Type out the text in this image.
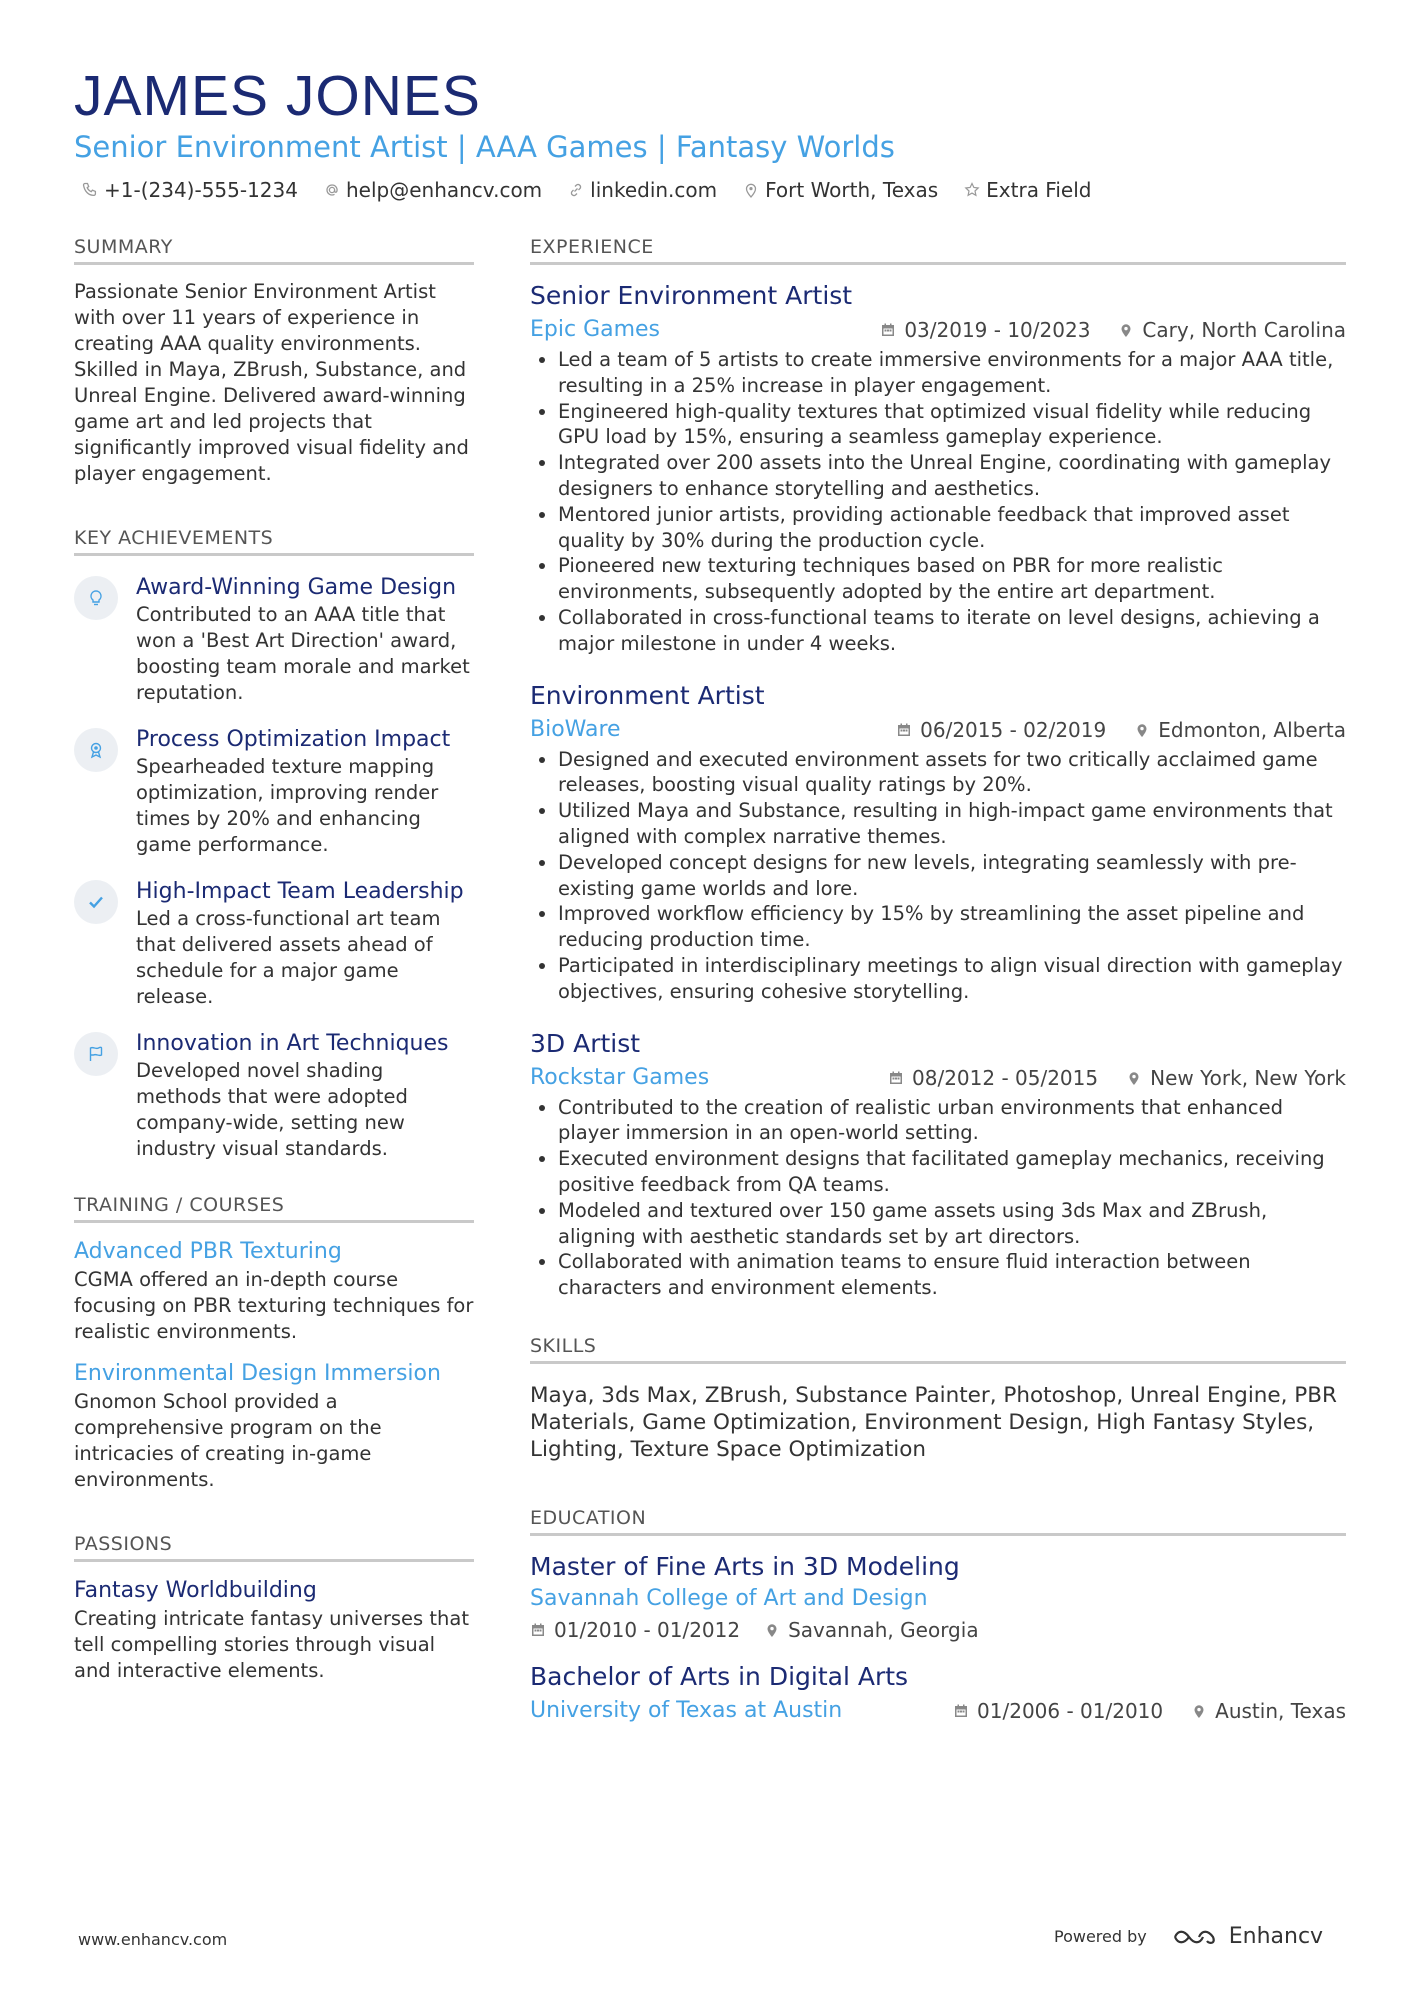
JAMES JONES
Senior Environment Artist | AAA Games | Fantasy Worlds
+1-(234)-555-1234 help@enhancv.com linkedin.com Fort Worth, Texas Extra Field
SUMMARY
Passionate Senior Environment Artist with over 11 years of experience in creating AAA quality environments. Skilled in Maya, ZBrush, Substance, and Unreal Engine. Delivered award-winning game art and led projects that significantly improved visual fidelity and player engagement.
KEY ACHIEVEMENTS
Award-Winning Game Design
Contributed to an AAA title that won a 'Best Art Direction' award, boosting team morale and market reputation.
Process Optimization Impact
Spearheaded texture mapping optimization, improving render times by 20% and enhancing game performance.
High-Impact Team Leadership
Led a cross-functional art team that delivered assets ahead of schedule for a major game release.
Innovation in Art Techniques
Developed novel shading methods that were adopted company-wide, setting new industry visual standards.
TRAINING / COURSES
Advanced PBR Texturing
CGMA offered an in-depth course focusing on PBR texturing techniques for realistic environments.
Environmental Design Immersion
Gnomon School provided a comprehensive program on the intricacies of creating in-game environments.
PASSIONS
Fantasy Worldbuilding
Creating intricate fantasy universes that tell compelling stories through visual and interactive elements.
EXPERIENCE
Senior Environment Artist
Epic Games	03/2019 - 10/2023	Cary, North Carolina
• Led a team of 5 artists to create immersive environments for a major AAA title, resulting in a 25% increase in player engagement.
• Engineered high-quality textures that optimized visual fidelity while reducing GPU load by 15%, ensuring a seamless gameplay experience.
• Integrated over 200 assets into the Unreal Engine, coordinating with gameplay designers to enhance storytelling and aesthetics.
• Mentored junior artists, providing actionable feedback that improved asset quality by 30% during the production cycle.
• Pioneered new texturing techniques based on PBR for more realistic environments, subsequently adopted by the entire art department.
• Collaborated in cross-functional teams to iterate on level designs, achieving a major milestone in under 4 weeks.
Environment Artist
BioWare	06/2015 - 02/2019	Edmonton, Alberta
• Designed and executed environment assets for two critically acclaimed game releases, boosting visual quality ratings by 20%.
• Utilized Maya and Substance, resulting in high-impact game environments that aligned with complex narrative themes.
• Developed concept designs for new levels, integrating seamlessly with pre-existing game worlds and lore.
• Improved workflow efficiency by 15% by streamlining the asset pipeline and reducing production time.
• Participated in interdisciplinary meetings to align visual direction with gameplay objectives, ensuring cohesive storytelling.
3D Artist
Rockstar Games	08/2012 - 05/2015	New York, New York
• Contributed to the creation of realistic urban environments that enhanced player immersion in an open-world setting.
• Executed environment designs that facilitated gameplay mechanics, receiving positive feedback from QA teams.
• Modeled and textured over 150 game assets using 3ds Max and ZBrush, aligning with aesthetic standards set by art directors.
• Collaborated with animation teams to ensure fluid interaction between characters and environment elements.
SKILLS
Maya, 3ds Max, ZBrush, Substance Painter, Photoshop, Unreal Engine, PBR Materials, Game Optimization, Environment Design, High Fantasy Styles, Lighting, Texture Space Optimization
EDUCATION
Master of Fine Arts in 3D Modeling
Savannah College of Art and Design
01/2010 - 01/2012 Savannah, Georgia
Bachelor of Arts in Digital Arts
University of Texas at Austin	01/2006 - 01/2010	Austin, Texas
www.enhancv.com	Powered by	Enhancv
